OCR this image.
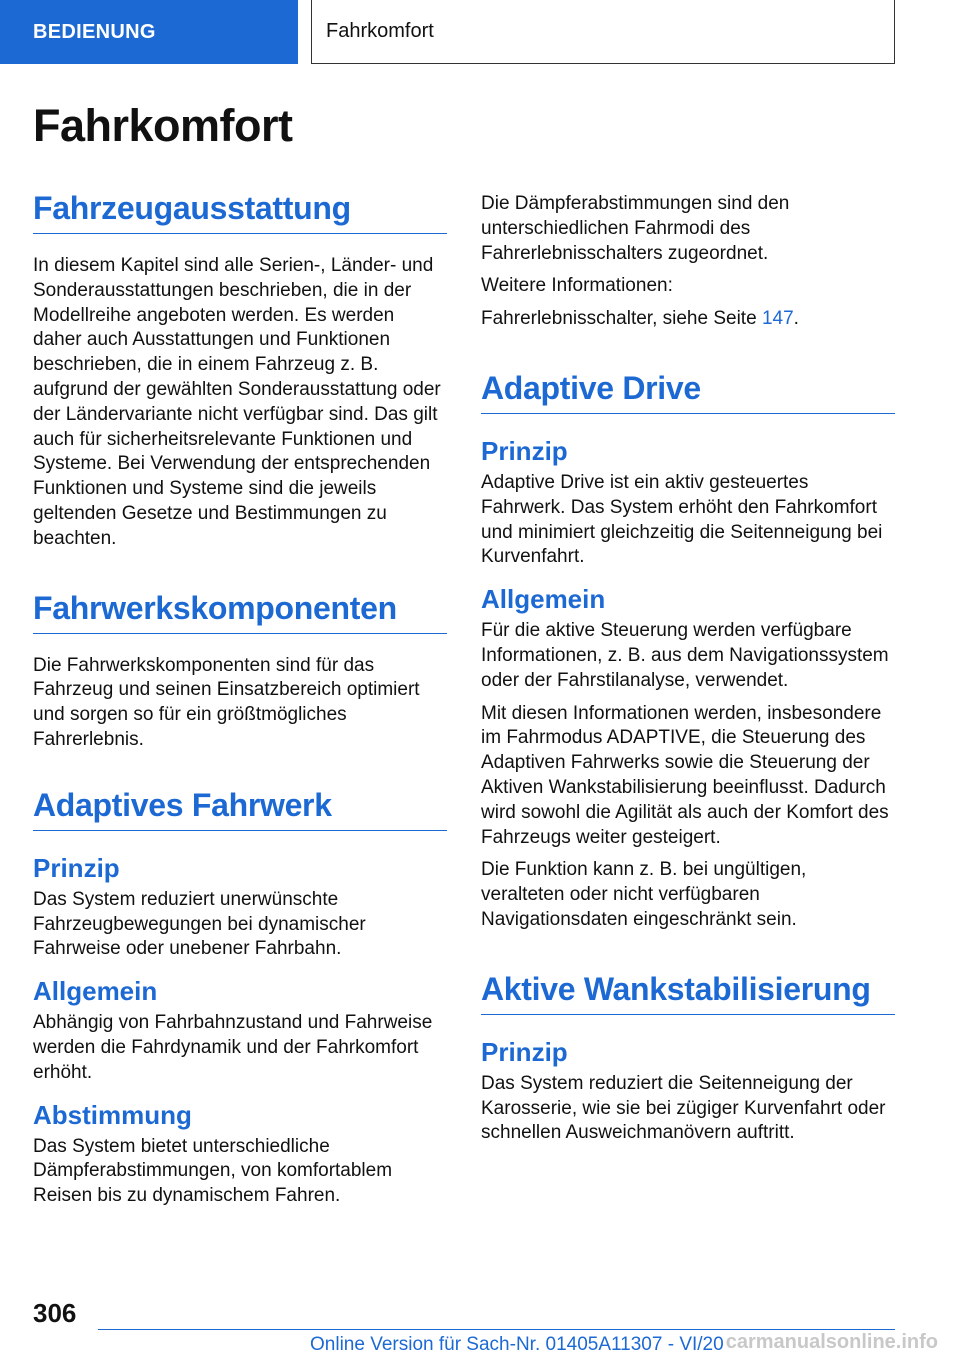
BEDIENUNG	Fahrkomfort
Fahrkomfort
Fahrzeugausstattung

In diesem Kapitel sind alle Serien-, Länder- und Sonderausstattungen beschrieben, die in der Modellreihe angeboten werden. Es werden daher auch Ausstattungen und Funktionen beschrieben, die in einem Fahrzeug z. B. aufgrund der gewählten Sonderausstattung oder der Ländervariante nicht verfügbar sind. Das gilt auch für sicherheitsrelevante Funktionen und Systeme. Bei Verwendung der entsprechenden Funktionen und Systeme sind die jeweils geltenden Gesetze und Bestimmungen zu beachten.

Fahrwerkskomponenten

Die Fahrwerkskomponenten sind für das Fahrzeug und seinen Einsatzbereich optimiert und sorgen so für ein größtmögliches Fahrerlebnis.

Adaptives Fahrwerk
Prinzip

Das System reduziert unerwünschte Fahrzeugbewegungen bei dynamischer Fahrweise oder unebener Fahrbahn.

Allgemein

Abhängig von Fahrbahnzustand und Fahrweise werden die Fahrdynamik und der Fahrkomfort erhöht.

Abstimmung

Das System bietet unterschiedliche Dämpferabstimmungen, von komfortablem Reisen bis zu dynamischem Fahren.

Die Dämpferabstimmungen sind den unterschiedlichen Fahrmodi des Fahrerlebnisschalters zugeordnet.

Weitere Informationen:

Fahrerlebnisschalter, siehe Seite 147.

Adaptive Drive
Prinzip

Adaptive Drive ist ein aktiv gesteuertes Fahrwerk. Das System erhöht den Fahrkomfort und minimiert gleichzeitig die Seitenneigung bei Kurvenfahrt.

Allgemein

Für die aktive Steuerung werden verfügbare Informationen, z. B. aus dem Navigationssystem oder der Fahrstilanalyse, verwendet.

Mit diesen Informationen werden, insbesondere im Fahrmodus ADAPTIVE, die Steuerung des Adaptiven Fahrwerks sowie die Steuerung der Aktiven Wankstabilisierung beeinflusst. Dadurch wird sowohl die Agilität als auch der Komfort des Fahrzeugs weiter gesteigert.

Die Funktion kann z. B. bei ungültigen, veralteten oder nicht verfügbaren Navigationsdaten eingeschränkt sein.

Aktive Wankstabilisierung
Prinzip

Das System reduziert die Seitenneigung der Karosserie, wie sie bei zügiger Kurvenfahrt oder schnellen Ausweichmanövern auftritt.

306
Online Version für Sach-Nr. 01405A11307 - VI/20 carmanualsonline.info
